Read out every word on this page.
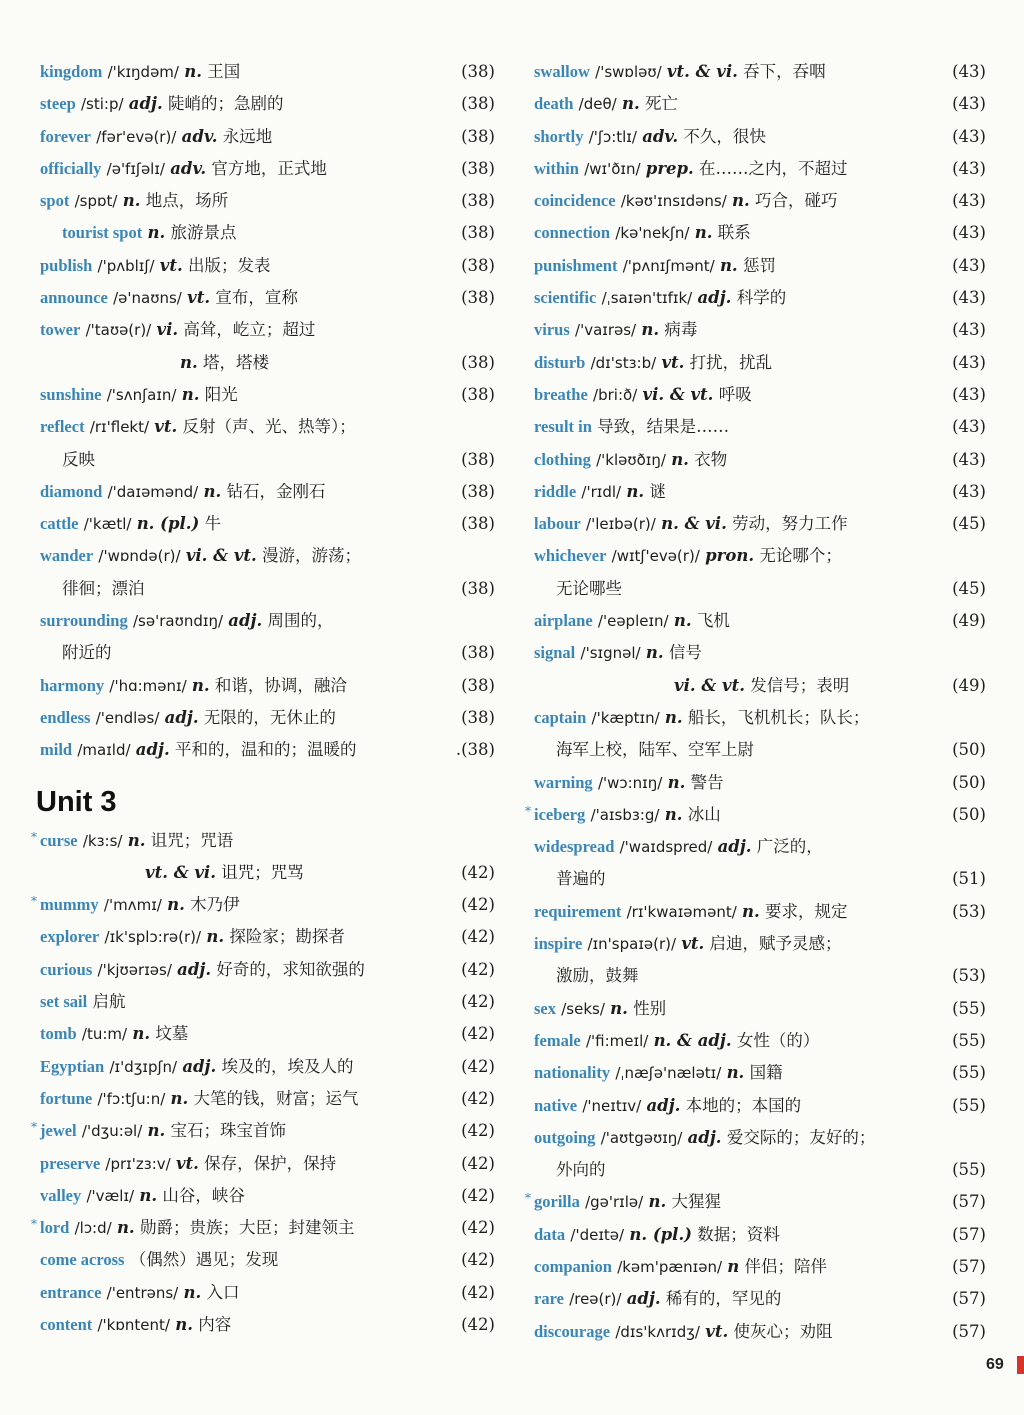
kingdom /'kɪŋdəm/ n. 王国	(38)
steep /sti:p/ adj. 陡峭的；急剧的	(38)
forever /fər'evə(r)/ adv. 永远地	(38)
officially /ə'fɪʃəlɪ/ adv. 官方地，正式地	(38)
spot /spɒt/ n. 地点，场所	(38)
tourist spot n. 旅游景点	(38)
publish /'pʌblɪʃ/ vt. 出版；发表	(38)
announce /ə'naʊns/ vt. 宣布，宣称	(38)
tower /'taʊə(r)/ vi. 高耸，屹立；超过
n. 塔，塔楼	(38)
sunshine /'sʌnʃaɪn/ n. 阳光	(38)
reflect /rɪ'flekt/ vt. 反射（声、光、热等）；
反映	(38)
diamond /'daɪəmənd/ n. 钻石，金刚石	(38)
cattle /'kætl/ n. (pl.) 牛	(38)
wander /'wɒndə(r)/ vi. & vt. 漫游，游荡；
徘徊；漂泊	(38)
surrounding /sə'raʊndɪŋ/ adj. 周围的，
附近的	(38)
harmony /'hɑ:mənɪ/ n. 和谐，协调，融洽	(38)
endless /'endləs/ adj. 无限的，无休止的	(38)
mild /maɪld/ adj. 平和的，温和的；温暖的	.(38)
Unit 3
* curse /kɜ:s/ n. 诅咒；咒语
vt. & vi. 诅咒；咒骂	(42)
* mummy /'mʌmɪ/ n. 木乃伊	(42)
explorer /ɪk'splɔ:rə(r)/ n. 探险家；勘探者	(42)
curious /'kjʊərɪəs/ adj. 好奇的，求知欲强的	(42)
set sail 启航	(42)
tomb /tu:m/ n. 坟墓	(42)
Egyptian /ɪ'dʒɪpʃn/ adj. 埃及的，埃及人的	(42)
fortune /'fɔ:tʃu:n/ n. 大笔的钱，财富；运气	(42)
* jewel /'dʒu:əl/ n. 宝石；珠宝首饰	(42)
preserve /prɪ'zɜ:v/ vt. 保存，保护，保持	(42)
valley /'vælɪ/ n. 山谷，峡谷	(42)
* lord /lɔ:d/ n. 勋爵；贵族；大臣；封建领主	(42)
come across （偶然）遇见；发现	(42)
entrance /'entrəns/ n. 入口	(42)
content /'kɒntent/ n. 内容	(42)
swallow /'swɒləʊ/ vt. & vi. 吞下，吞咽	(43)
death /deθ/ n. 死亡	(43)
shortly /'ʃɔ:tlɪ/ adv. 不久，很快	(43)
within /wɪ'ðɪn/ prep. 在……之内，不超过	(43)
coincidence /kəʊ'ɪnsɪdəns/ n. 巧合，碰巧	(43)
connection /kə'nekʃn/ n. 联系	(43)
punishment /'pʌnɪʃmənt/ n. 惩罚	(43)
scientific /ˌsaɪən'tɪfɪk/ adj. 科学的	(43)
virus /'vaɪrəs/ n. 病毒	(43)
disturb /dɪ'stɜ:b/ vt. 打扰，扰乱	(43)
breathe /bri:ð/ vi. & vt. 呼吸	(43)
result in 导致，结果是……	(43)
clothing /'kləʊðɪŋ/ n. 衣物	(43)
riddle /'rɪdl/ n. 谜	(43)
labour /'leɪbə(r)/ n. & vi. 劳动，努力工作	(45)
whichever /wɪtʃ'evə(r)/ pron. 无论哪个；
无论哪些	(45)
airplane /'eəpleɪn/ n. 飞机	(49)
signal /'sɪgnəl/ n. 信号
vi. & vt. 发信号；表明	(49)
captain /'kæptɪn/ n. 船长，飞机机长；队长；
海军上校，陆军、空军上尉	(50)
warning /'wɔ:nɪŋ/ n. 警告	(50)
* iceberg /'aɪsbɜ:g/ n. 冰山	(50)
widespread /'waɪdspred/ adj. 广泛的，
普遍的	(51)
requirement /rɪ'kwaɪəmənt/ n. 要求，规定	(53)
inspire /ɪn'spaɪə(r)/ vt. 启迪，赋予灵感；
激励，鼓舞	(53)
sex /seks/ n. 性别	(55)
female /'fi:meɪl/ n. & adj. 女性（的）	(55)
nationality /ˌnæʃə'nælətɪ/ n. 国籍	(55)
native /'neɪtɪv/ adj. 本地的；本国的	(55)
outgoing /'aʊtgəʊɪŋ/ adj. 爱交际的；友好的；
外向的	(55)
* gorilla /gə'rɪlə/ n. 大猩猩	(57)
data /'deɪtə/ n. (pl.) 数据；资料	(57)
companion /kəm'pænɪən/ n 伴侣；陪伴	(57)
rare /reə(r)/ adj. 稀有的，罕见的	(57)
discourage /dɪs'kʌrɪdʒ/ vt. 使灰心；劝阻	(57)
69
